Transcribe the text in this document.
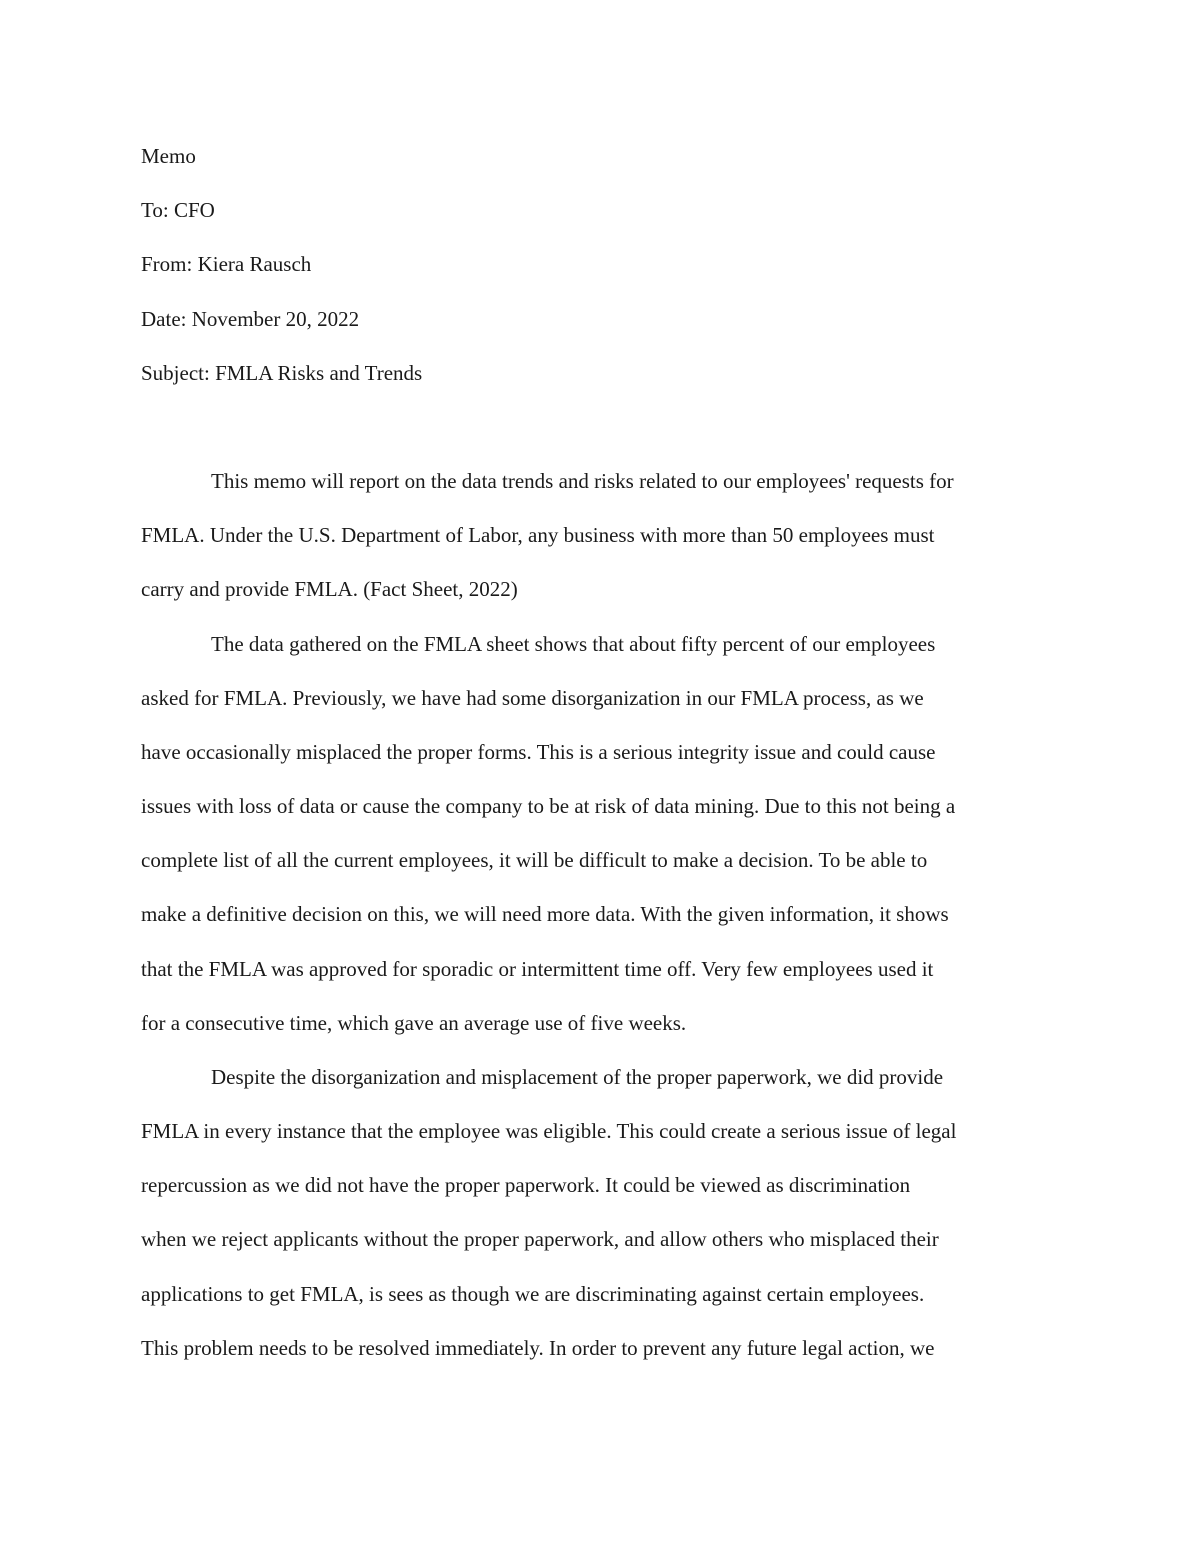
Memo
To: CFO
From: Kiera Rausch
Date: November 20, 2022
Subject: FMLA Risks and Trends
This memo will report on the data trends and risks related to our employees' requests for
FMLA. Under the U.S. Department of Labor, any business with more than 50 employees must
carry and provide FMLA. (Fact Sheet, 2022)
The data gathered on the FMLA sheet shows that about fifty percent of our employees
asked for FMLA. Previously, we have had some disorganization in our FMLA process, as we
have occasionally misplaced the proper forms. This is a serious integrity issue and could cause
issues with loss of data or cause the company to be at risk of data mining. Due to this not being a
complete list of all the current employees, it will be difficult to make a decision. To be able to
make a definitive decision on this, we will need more data. With the given information, it shows
that the FMLA was approved for sporadic or intermittent time off. Very few employees used it
for a consecutive time, which gave an average use of five weeks.
Despite the disorganization and misplacement of the proper paperwork, we did provide
FMLA in every instance that the employee was eligible. This could create a serious issue of legal
repercussion as we did not have the proper paperwork. It could be viewed as discrimination
when we reject applicants without the proper paperwork, and allow others who misplaced their
applications to get FMLA, is sees as though we are discriminating against certain employees.
This problem needs to be resolved immediately. In order to prevent any future legal action, we
